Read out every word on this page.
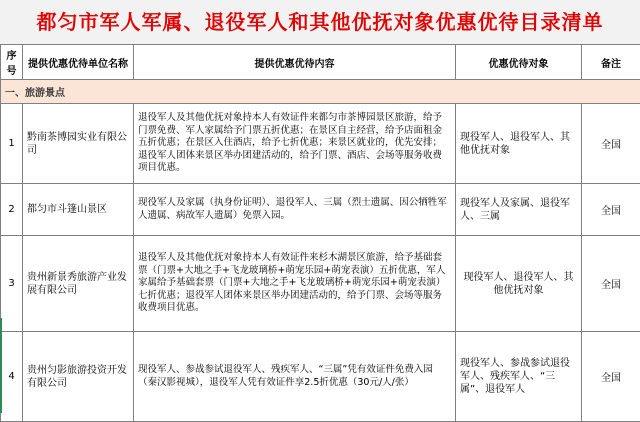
都匀市军人军属、退役军人和其他优抚对象优惠优待目录清单
序号	提供优惠优待单位名称	提供优惠优待内容	优惠优待对象	备注
一、旅游景点				
1	黔南茶博园实业有限公司	退役军人及其他优抚对象持本人有效证件来都匀市茶博园景区旅游，给予门票免费、军人家属给予门票五折优惠；在景区自主经营，给予店面租金五折优惠；在景区入住酒店，给予七折优惠；来景区就业的，优先安排；退役军人团体来景区举办团建活动的，给予门票、酒店、会场等服务收费项目优惠。	现役军人、退役军人、其他优抚对象	全国
2	都匀市斗篷山景区	现役军人及家属（执身份证明）、退役军人、三属（烈士遗属、因公牺牲军人遗属、病故军人遗属）免票入园。	现役军人及家属、退役军人、三属	全国
3	贵州新景秀旅游产业发展有限公司	退役军人及其他优抚对象持本人有效证件来杉木湖景区旅游，给予基础套票（门票+大地之手+飞龙玻璃桥+萌宠乐园+萌宠表演）五折优惠，军人家属给予基础套票（门票+大地之手+飞龙玻璃桥+萌宠乐园+萌宠表演）七折优惠；退役军人团体来景区举办团建活动的，给予门票、会场等服务收费项目优惠。	现役军人、退役军人、其他优抚对象	全国
4	贵州匀影旅游投资开发有限公司	现役军人、参战参试退役军人、残疾军人、“三属”凭有效证件免费入园（秦汉影视城），退役军人凭有效证件享2.5折优惠（30元/人/张）	现役军人、参战参试退役军人、残疾军人、“三属”、退役军人	全国
